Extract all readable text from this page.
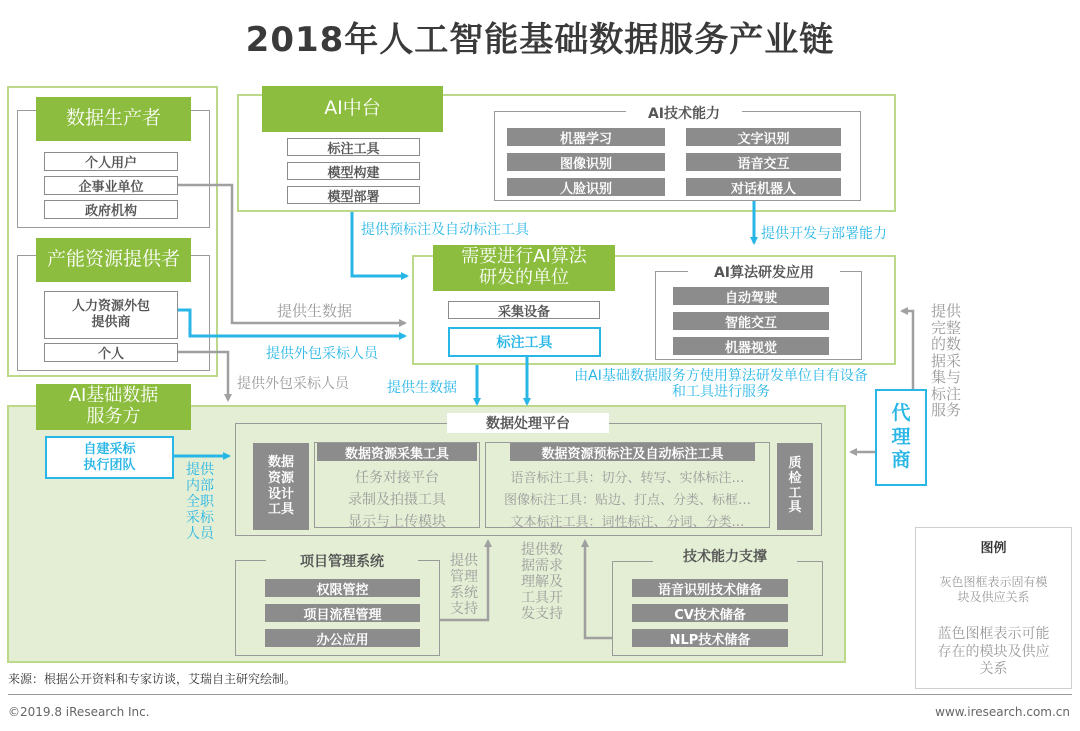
2018年人工智能基础数据服务产业链
数据生产者
个人用户
企事业单位
政府机构
产能资源提供者
人力资源外包
提供商
个人
AI中台
标注工具
模型构建
模型部署
AI技术能力
机器学习
图像识别
人脸识别
文字识别
语音交互
对话机器人
需要进行AI算法
研发的单位
采集设备
标注工具
AI算法研发应用
自动驾驶
智能交互
机器视觉
AI基础数据
服务方
自建采标
执行团队	提供
内部
全职
采标
人员
数据处理平台
数据
资源
设计
工具
数据资源采集工具
任务对接平台
录制及拍摄工具
显示与上传模块
数据资源预标注及自动标注工具
语音标注工具：切分、转写、实体标注…
图像标注工具：贴边、打点、分类、标框…
文本标注工具：词性标注、分词、分类…
质
检
工
具
项目管理系统
权限管控
项目流程管理
办公应用
提供
管理
系统
支持
提供数
据需求
理解及
工具开
发支持
技术能力支撑
语音识别技术储备
CV技术储备
NLP技术储备
代
理
商
提供
完整
的数
据采
集与
标注
服务
图例
灰色图框表示固有模
块及供应关系
蓝色图框表示可能
存在的模块及供应
关系
提供预标注及自动标注工具	提供开发与部署能力
提供生数据
提供外包采标人员
提供外包采标人员	提供生数据
由AI基础数据服务方使用算法研发单位自有设备
和工具进行服务
来源：根据公开资料和专家访谈，艾瑞自主研究绘制。
©2019.8 iResearch Inc.	www.iresearch.com.cn
